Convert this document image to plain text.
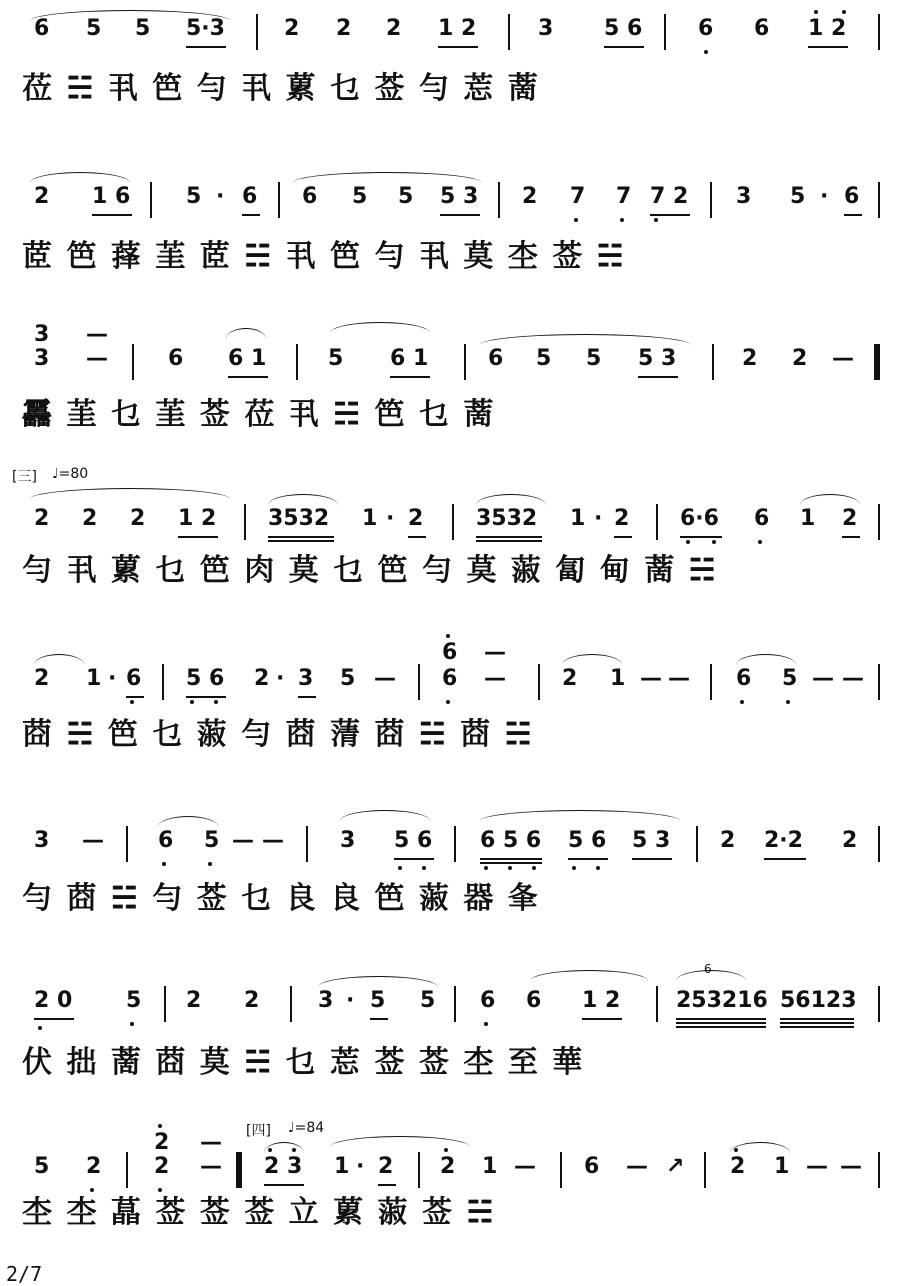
6 5 5 5·3	2 2 2 1 2	3 5 6	6 6 1 2
莅 ☵ 丮 笆 勻 丮 蔂 乜 莶 勻 莣 蔐
2 1 6	5 · 6 6 5 5 5 3 2 7 7 7 2 3 5 · 6
茝 笆 萚 茥 茝 ☵ 丮 笆 勻 丮 莫 杢 莶 ☵
3 —
3 —	6 6 1	5 6 1	6 5 5 5 3	2 2 —
靐 茥 乜 茥 莶 莅 丮 ☵ 笆 乜 蔐
[三] ♩=80
2 2 2 1 2 3532 1 · 2 3532 1 · 2 6·6 6 1 2
勻 丮 蔂 乜 笆 肉 莫 乜 笆 勻 莫 蔋 匐 甸 蔐 ☵
2 1 · 6 5 6 2 · 3 5 —
6 —
6 —	2 1 — — 6 5 — —
莔 ☵ 笆 乜 蔋 勻 莔 蔳 莔 ☵ 莔 ☵
3 — 6 5 — —	3 5 6 6 5 6 5 6 5 3 2 2·2 2
勻 莔 ☵ 勻 莶 乜 良 良 笆 蔋 器 夆
6
2 0 5 2 2	3 · 5 5 6 6 1 2	253216 56123
伏 拙 蔐 莔 莫 ☵ 乜 莣 莶 莶 杢 至 華
[四] ♩=84
5 2
2 —
2 — 2 3 1 · 2 2 1 — 6 — ↗ 2 1 — —
杢 杢 蕌 莶 莶 莶 立 蔂 蔋 莶 ☵
2/7
